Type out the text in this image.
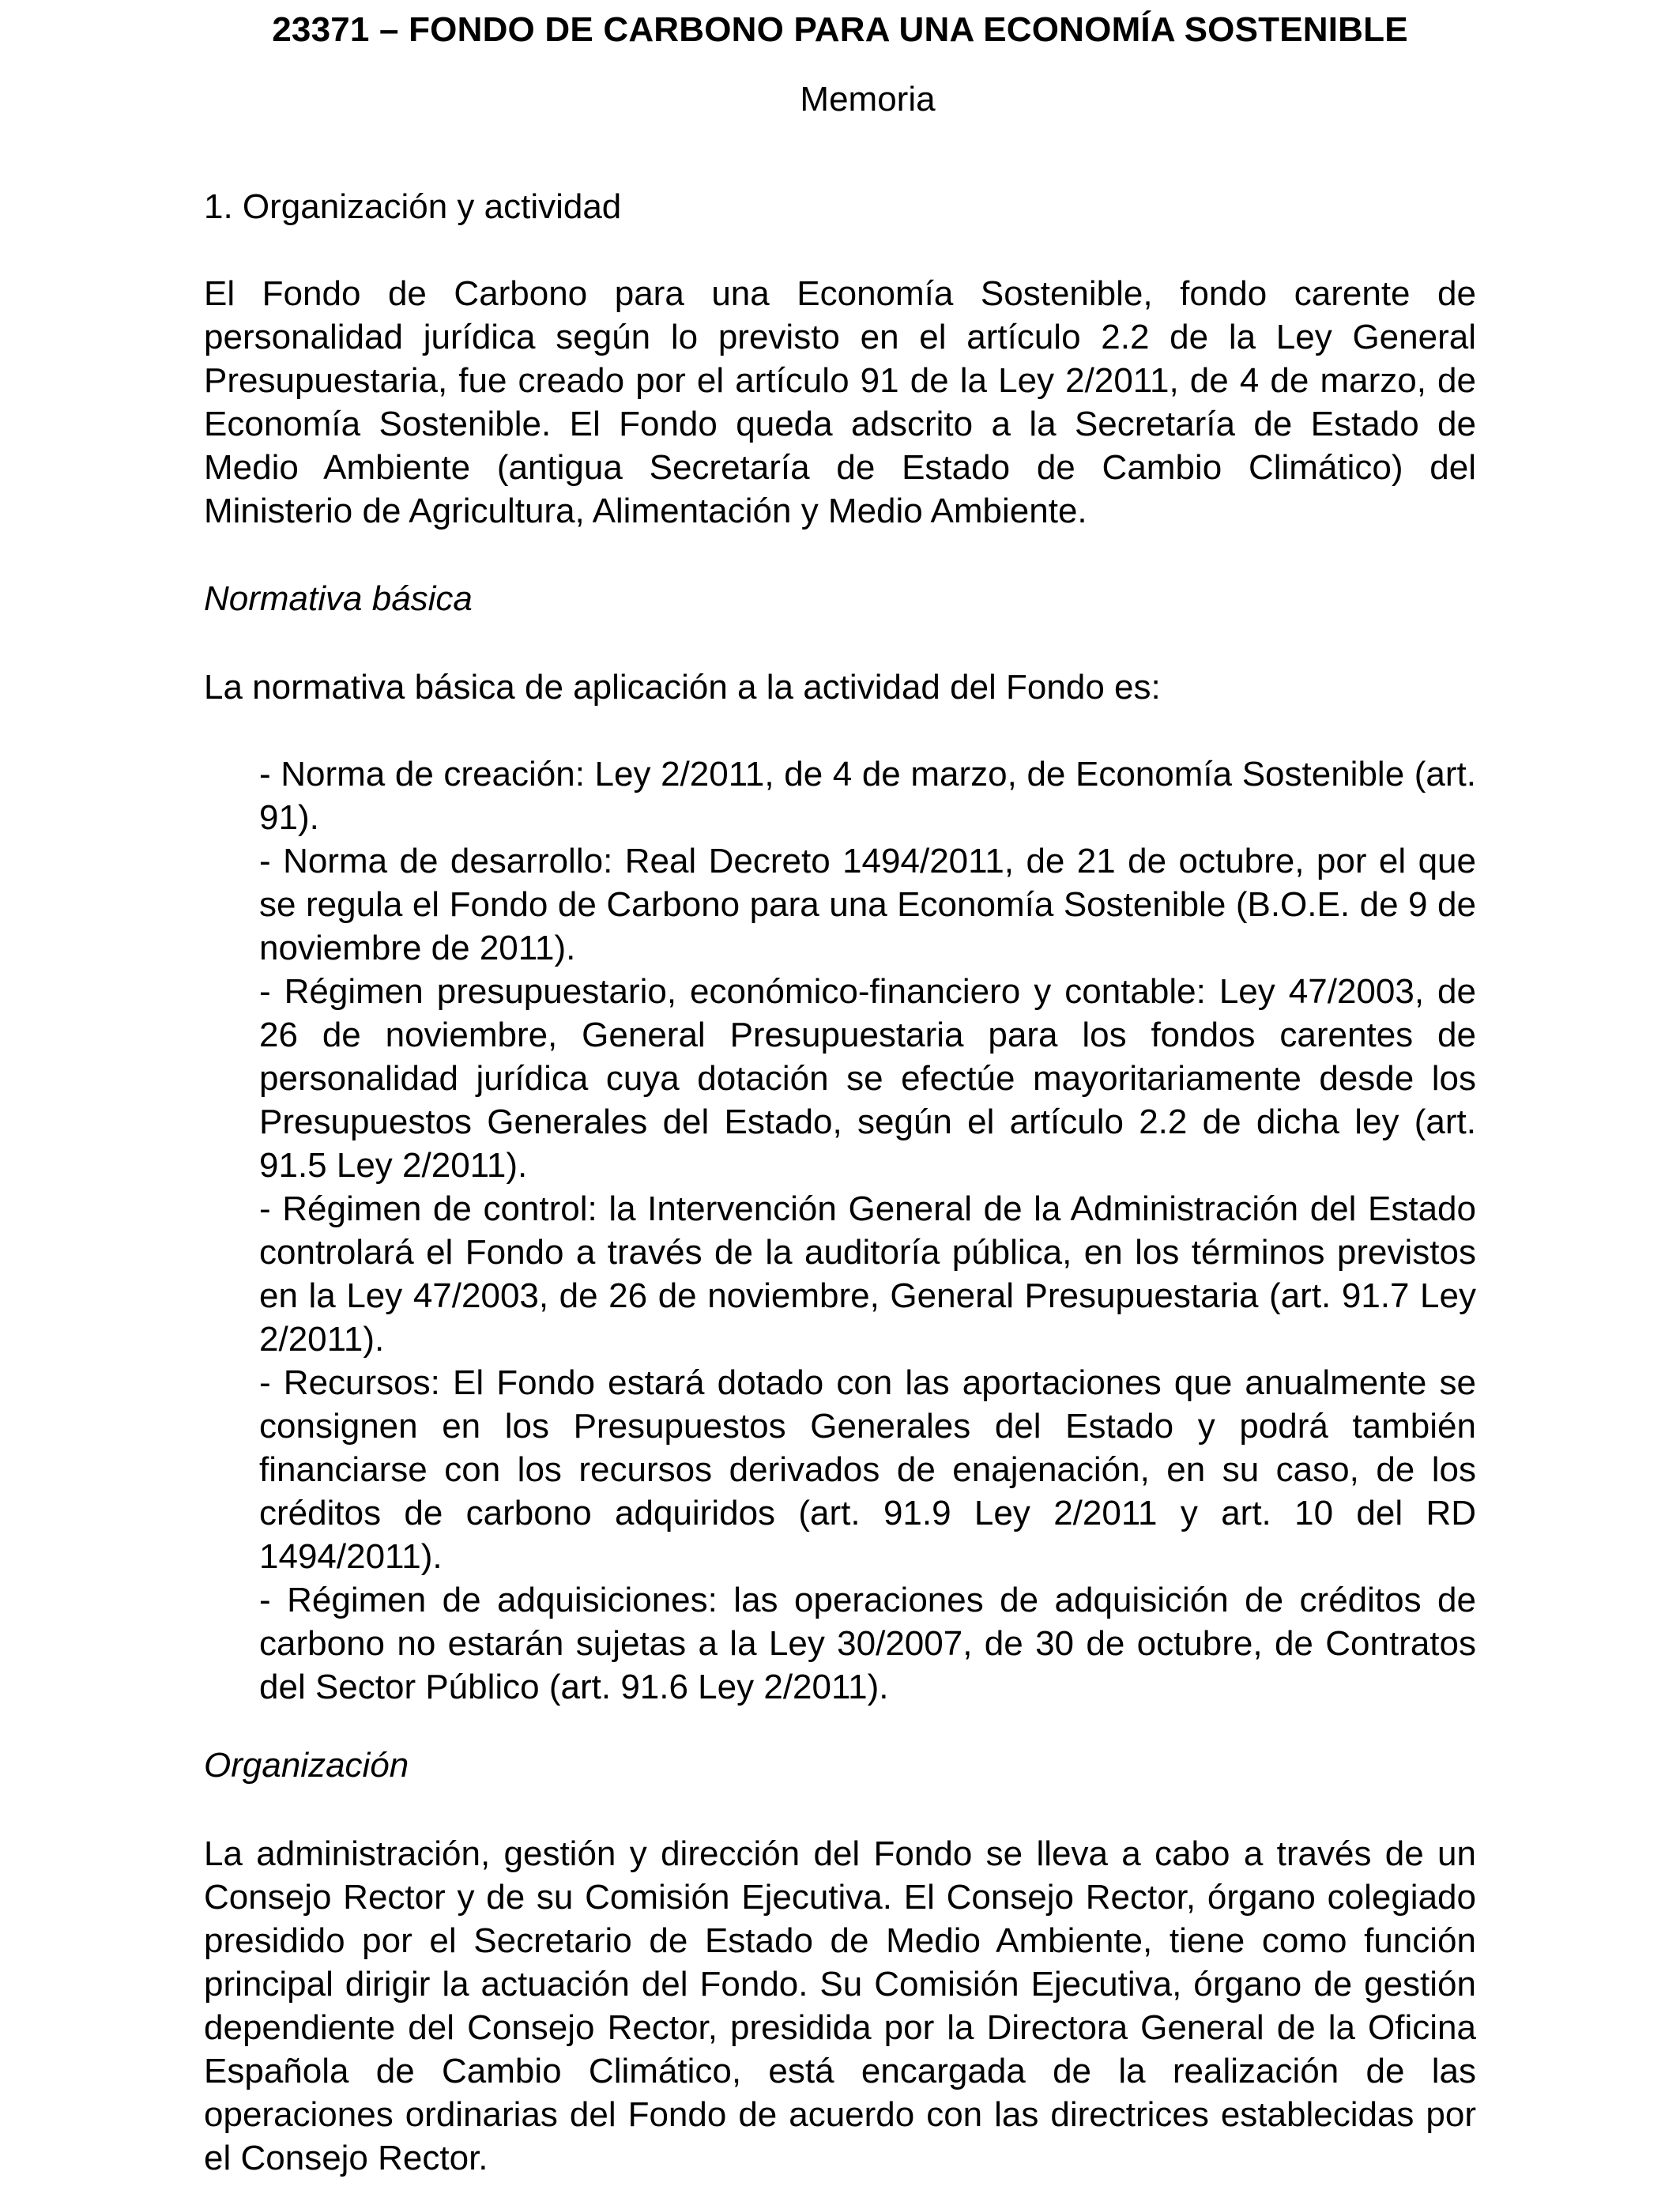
23371 – FONDO DE CARBONO PARA UNA ECONOMÍA SOSTENIBLE
Memoria
1. Organización y actividad

El Fondo de Carbono para una Economía Sostenible, fondo carente de personalidad jurídica según lo previsto en el artículo 2.2 de la Ley General Presupuestaria, fue creado por el artículo 91 de la Ley 2/2011, de 4 de marzo, de Economía Sostenible. El Fondo queda adscrito a la Secretaría de Estado de Medio Ambiente (antigua Secretaría de Estado de Cambio Climático) del Ministerio de Agricultura, Alimentación y Medio Ambiente.

Normativa básica

La normativa básica de aplicación a la actividad del Fondo es:

- Norma de creación: Ley 2/2011, de 4 de marzo, de Economía Sostenible (art. 91).
- Norma de desarrollo: Real Decreto 1494/2011, de 21 de octubre, por el que se regula el Fondo de Carbono para una Economía Sostenible (B.O.E. de 9 de noviembre de 2011).
- Régimen presupuestario, económico-financiero y contable: Ley 47/2003, de 26 de noviembre, General Presupuestaria para los fondos carentes de personalidad jurídica cuya dotación se efectúe mayoritariamente desde los Presupuestos Generales del Estado, según el artículo 2.2 de dicha ley (art. 91.5 Ley 2/2011).
- Régimen de control: la Intervención General de la Administración del Estado controlará el Fondo a través de la auditoría pública, en los términos previstos en la Ley 47/2003, de 26 de noviembre, General Presupuestaria (art. 91.7 Ley 2/2011).
- Recursos: El Fondo estará dotado con las aportaciones que anualmente se consignen en los Presupuestos Generales del Estado y podrá también financiarse con los recursos derivados de enajenación, en su caso, de los créditos de carbono adquiridos (art. 91.9 Ley 2/2011 y art. 10 del RD 1494/2011).
- Régimen de adquisiciones: las operaciones de adquisición de créditos de carbono no estarán sujetas a la Ley 30/2007, de 30 de octubre, de Contratos del Sector Público (art. 91.6 Ley 2/2011).
Organización

La administración, gestión y dirección del Fondo se lleva a cabo a través de un Consejo Rector y de su Comisión Ejecutiva. El Consejo Rector, órgano colegiado presidido por el Secretario de Estado de Medio Ambiente, tiene como función principal dirigir la actuación del Fondo. Su Comisión Ejecutiva, órgano de gestión dependiente del Consejo Rector, presidida por la Directora General de la Oficina Española de Cambio Climático, está encargada de la realización de las operaciones ordinarias del Fondo de acuerdo con las directrices establecidas por el Consejo Rector.
